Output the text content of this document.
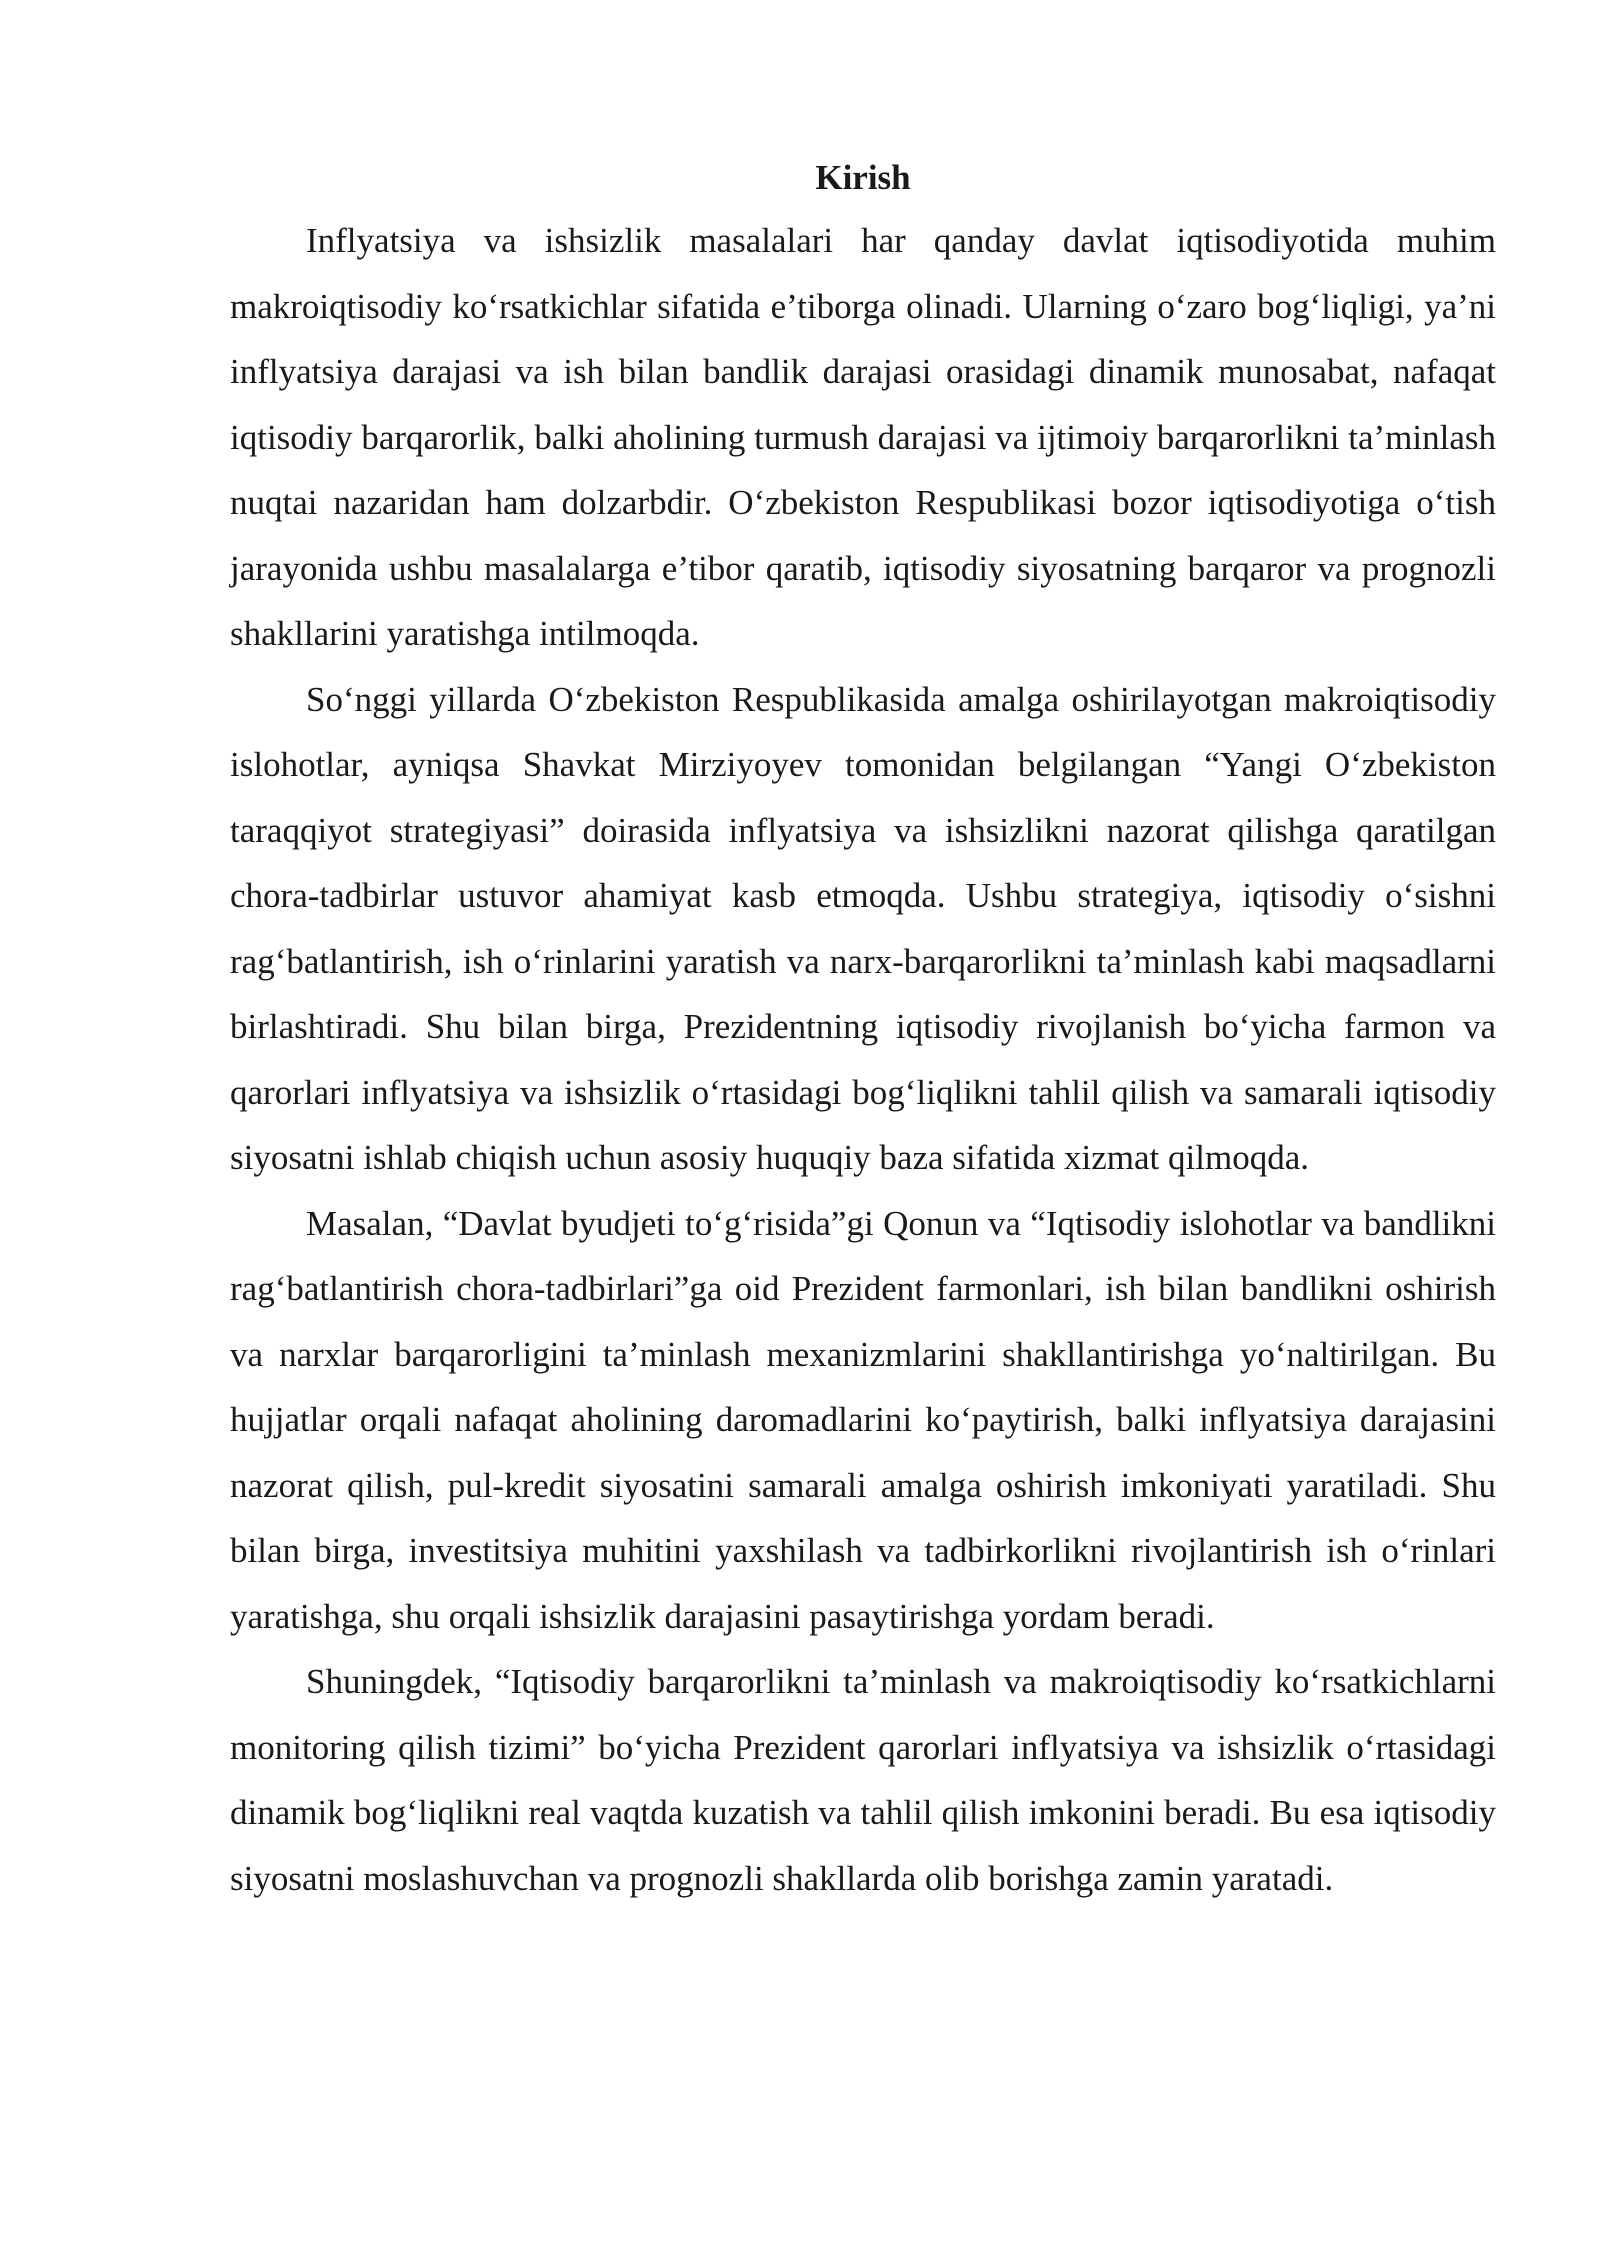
Kirish

Inflyatsiya va ishsizlik masalalari har qanday davlat iqtisodiyotida muhim makroiqtisodiy ko‘rsatkichlar sifatida e’tiborga olinadi. Ularning o‘zaro bog‘liqligi, ya’ni inflyatsiya darajasi va ish bilan bandlik darajasi orasidagi dinamik munosabat, nafaqat iqtisodiy barqarorlik, balki aholining turmush darajasi va ijtimoiy barqarorlikni ta’minlash nuqtai nazaridan ham dolzarbdir. O‘zbekiston Respublikasi bozor iqtisodiyotiga o‘tish jarayonida ushbu masalalarga e’tibor qaratib, iqtisodiy siyosatning barqaror va prognozli shakllarini yaratishga intilmoqda.

So‘nggi yillarda O‘zbekiston Respublikasida amalga oshirilayotgan makroiqtisodiy islohotlar, ayniqsa Shavkat Mirziyoyev tomonidan belgilangan “Yangi O‘zbekiston taraqqiyot strategiyasi” doirasida inflyatsiya va ishsizlikni nazorat qilishga qaratilgan chora-tadbirlar ustuvor ahamiyat kasb etmoqda. Ushbu strategiya, iqtisodiy o‘sishni rag‘batlantirish, ish o‘rinlarini yaratish va narx-barqarorlikni ta’minlash kabi maqsadlarni birlashtiradi. Shu bilan birga, Prezidentning iqtisodiy rivojlanish bo‘yicha farmon va qarorlari inflyatsiya va ishsizlik o‘rtasidagi bog‘liqlikni tahlil qilish va samarali iqtisodiy siyosatni ishlab chiqish uchun asosiy huquqiy baza sifatida xizmat qilmoqda.

Masalan, “Davlat byudjeti to‘g‘risida”gi Qonun va “Iqtisodiy islohotlar va bandlikni rag‘batlantirish chora-tadbirlari”ga oid Prezident farmonlari, ish bilan bandlikni oshirish va narxlar barqarorligini ta’minlash mexanizmlarini shakllantirishga yo‘naltirilgan. Bu hujjatlar orqali nafaqat aholining daromadlarini ko‘paytirish, balki inflyatsiya darajasini nazorat qilish, pul-kredit siyosatini samarali amalga oshirish imkoniyati yaratiladi. Shu bilan birga, investitsiya muhitini yaxshilash va tadbirkorlikni rivojlantirish ish o‘rinlari yaratishga, shu orqali ishsizlik darajasini pasaytirishga yordam beradi.

Shuningdek, “Iqtisodiy barqarorlikni ta’minlash va makroiqtisodiy ko‘rsatkichlarni monitoring qilish tizimi” bo‘yicha Prezident qarorlari inflyatsiya va ishsizlik o‘rtasidagi dinamik bog‘liqlikni real vaqtda kuzatish va tahlil qilish imkonini beradi. Bu esa iqtisodiy siyosatni moslashuvchan va prognozli shakllarda olib borishga zamin yaratadi.
